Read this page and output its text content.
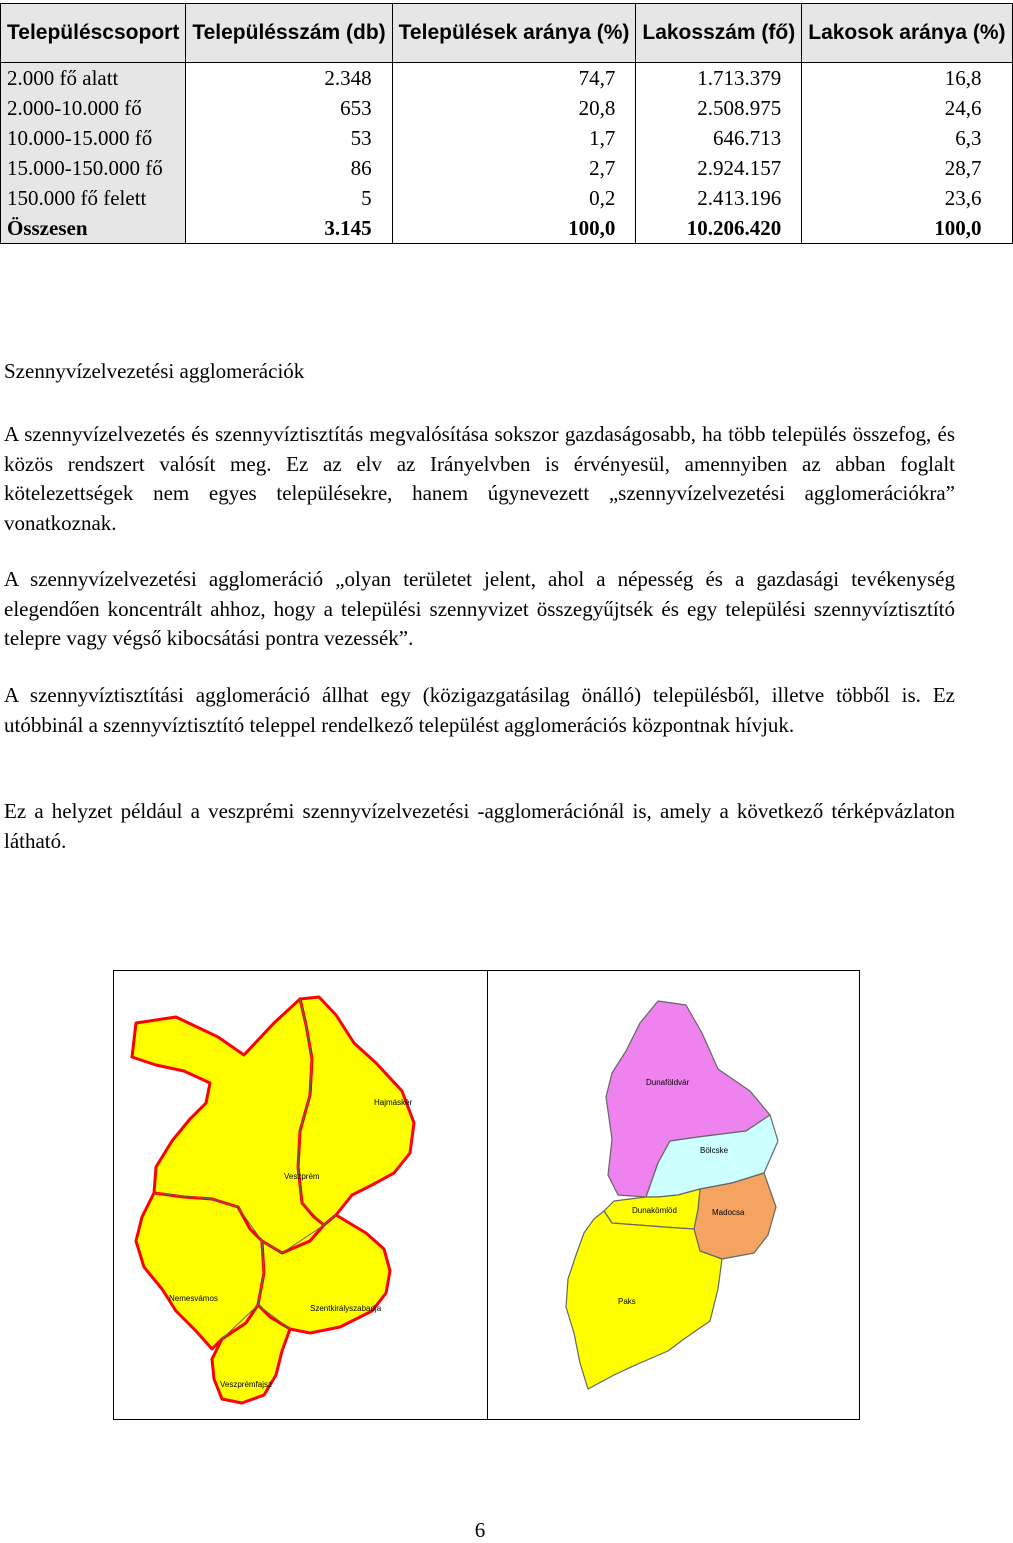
Településcsoport	Településszám (db)	Települések aránya (%)	Lakosszám (fő)	Lakosok aránya (%)
2.000 fő alatt	2.348	74,7	1.713.379	16,8
2.000-10.000 fő	653	20,8	2.508.975	24,6
10.000-15.000 fő	53	1,7	646.713	6,3
15.000-150.000 fő	86	2,7	2.924.157	28,7
150.000 fő felett	5	0,2	2.413.196	23,6
Összesen	3.145	100,0	10.206.420	100,0
Szennyvízelvezetési agglomerációk

A szennyvízelvezetés és szennyvíztisztítás megvalósítása sokszor gazdaságosabb, ha több település összefog, és közös rendszert valósít meg. Ez az elv az Irányelvben is érvényesül, amennyiben az abban foglalt kötelezettségek nem egyes településekre, hanem úgynevezett „szennyvízelvezetési agglomerációkra” vonatkoznak.

A szennyvízelvezetési agglomeráció „olyan területet jelent, ahol a népesség és a gazdasági tevékenység elegendően koncentrált ahhoz, hogy a települési szennyvizet összegyűjtsék és egy települési szennyvíztisztító telepre vagy végső kibocsátási pontra vezessék”.

A szennyvíztisztítási agglomeráció állhat egy (közigazgatásilag önálló) településből, illetve többől is. Ez utóbbinál a szennyvíztisztító teleppel rendelkező települést agglomerációs központnak hívjuk.

Ez a helyzet például a veszprémi szennyvízelvezetési -agglomerációnál is, amely a következő térképvázlaton látható.

Hajmáskér
Veszprém
Nemesvámos
Szentkirályszabadja
Veszprémfajsz
Dunaföldvár
Bölcske
Dunakömlöd	Madocsa
Paks
6
